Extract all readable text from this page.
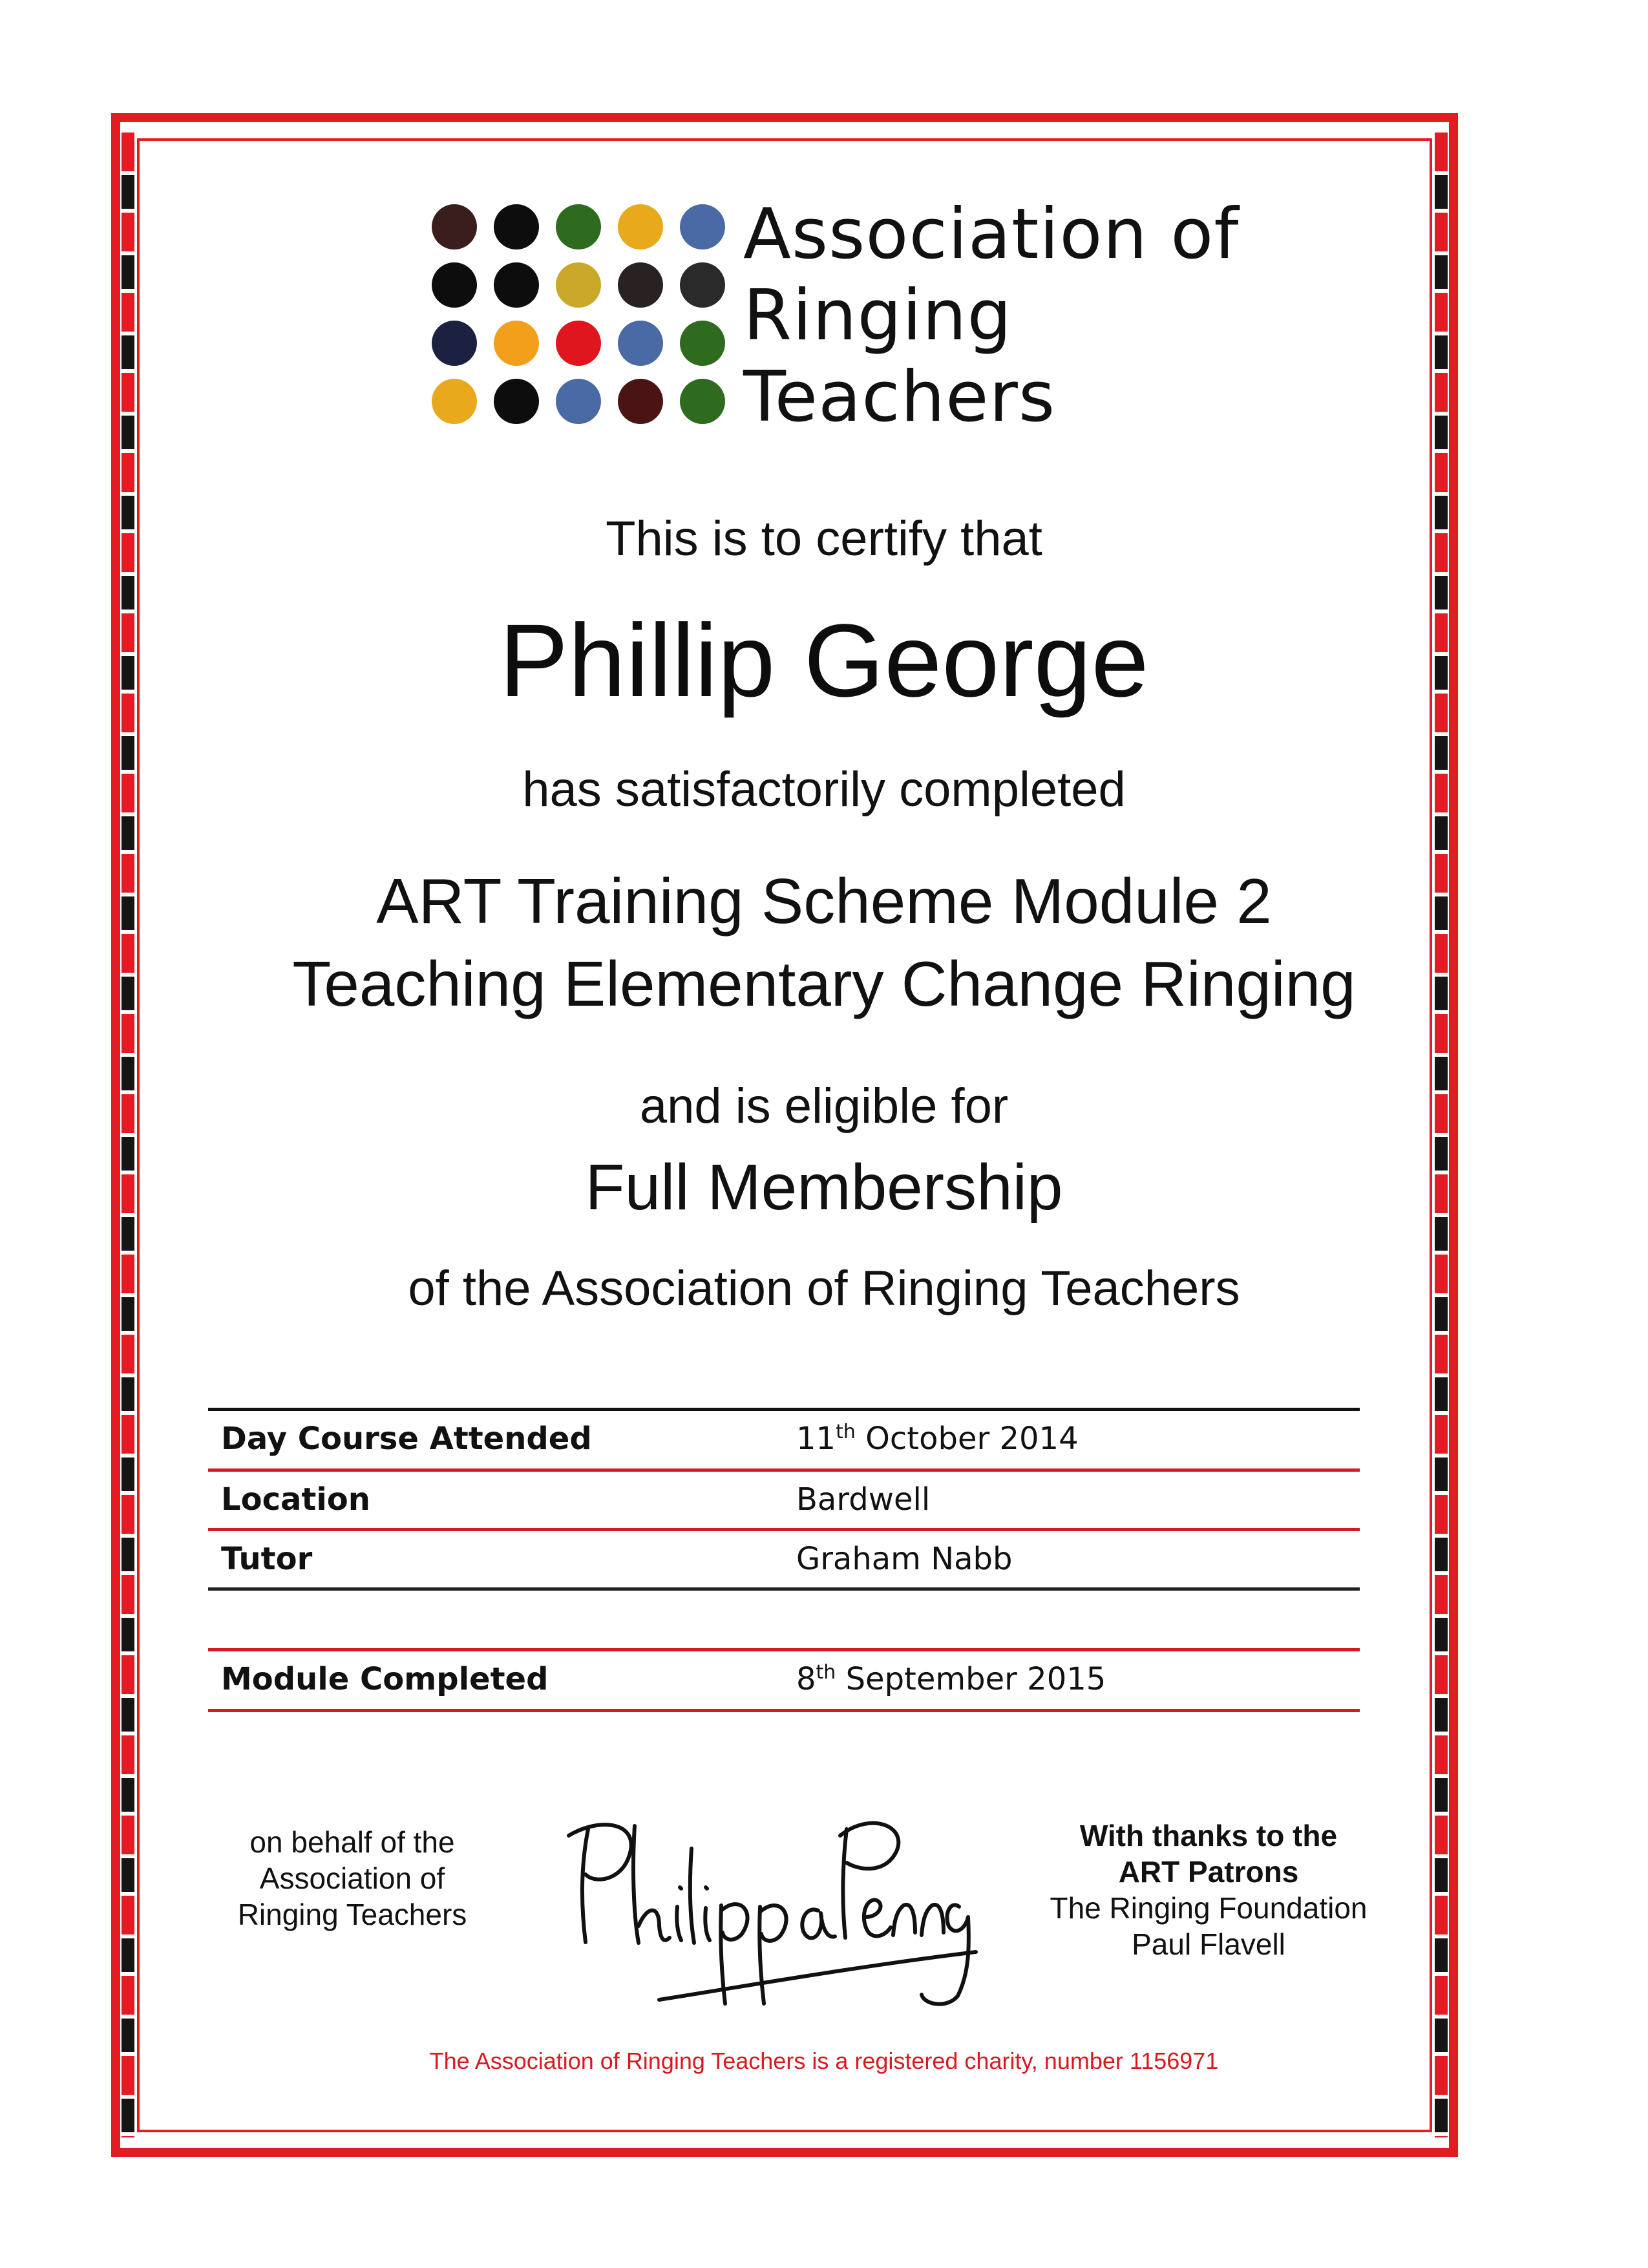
Association of
Ringing
Teachers
This is to certify that
Phillip George
has satisfactorily completed
ART Training Scheme Module 2
Teaching Elementary Change Ringing
and is eligible for
Full Membership
of the Association of Ringing Teachers
Day Course Attended	11th October 2014
Location	Bardwell
Tutor	Graham Nabb
Module Completed	8th September 2015
on behalf of the
Association of
Ringing Teachers
With thanks to the
ART Patrons
The Ringing Foundation
Paul Flavell
The Association of Ringing Teachers is a registered charity, number 1156971
